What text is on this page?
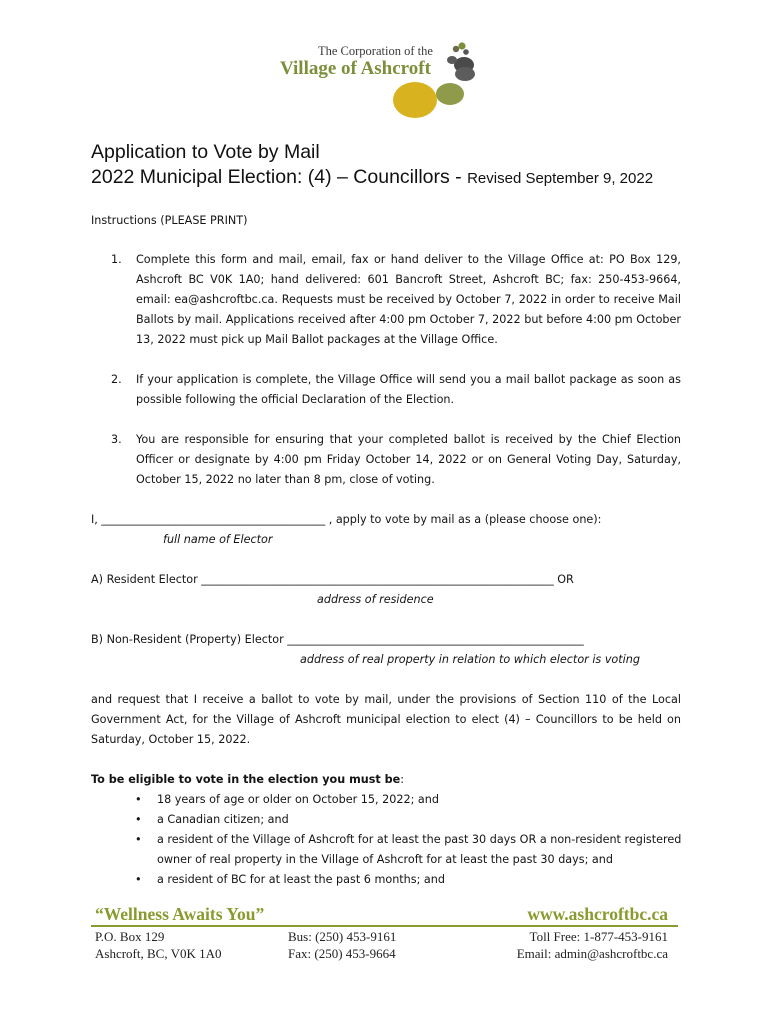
The Corporation of the
Village of Ashcroft
Application to Vote by Mail
2022 Municipal Election: (4) – Councillors - Revised September 9, 2022
Instructions (PLEASE PRINT)
1. Complete this form and mail, email, fax or hand deliver to the Village Office at: PO Box 129, Ashcroft BC V0K 1A0; hand delivered: 601 Bancroft Street, Ashcroft BC; fax: 250-453-9664, email: ea@ashcroftbc.ca. Requests must be received by October 7, 2022 in order to receive Mail Ballots by mail. Applications received after 4:00 pm October 7, 2022 but before 4:00 pm October 13, 2022 must pick up Mail Ballot packages at the Village Office.
2. If your application is complete, the Village Office will send you a mail ballot package as soon as possible following the official Declaration of the Election.
3. You are responsible for ensuring that your completed ballot is received by the Chief Election Officer or designate by 4:00 pm Friday October 14, 2022 or on General Voting Day, Saturday, October 15, 2022 no later than 8 pm, close of voting.
I, ________________________________________ , apply to vote by mail as a (please choose one):
full name of Elector
A) Resident Elector _______________________________________________________________ OR
address of residence
B) Non-Resident (Property) Elector _____________________________________________________
address of real property in relation to which elector is voting
and request that I receive a ballot to vote by mail, under the provisions of Section 110 of the Local Government Act, for the Village of Ashcroft municipal election to elect (4) – Councillors to be held on Saturday, October 15, 2022.
To be eligible to vote in the election you must be:
• 18 years of age or older on October 15, 2022; and
• a Canadian citizen; and
• a resident of the Village of Ashcroft for at least the past 30 days OR a non-resident registered owner of real property in the Village of Ashcroft for at least the past 30 days; and
• a resident of BC for at least the past 6 months; and
“Wellness Awaits You”	www.ashcroftbc.ca
P.O. Box 129
Ashcroft, BC, V0K 1A0
Bus: (250) 453-9161
Fax: (250) 453-9664
Toll Free: 1-877-453-9161
Email: admin@ashcroftbc.ca
